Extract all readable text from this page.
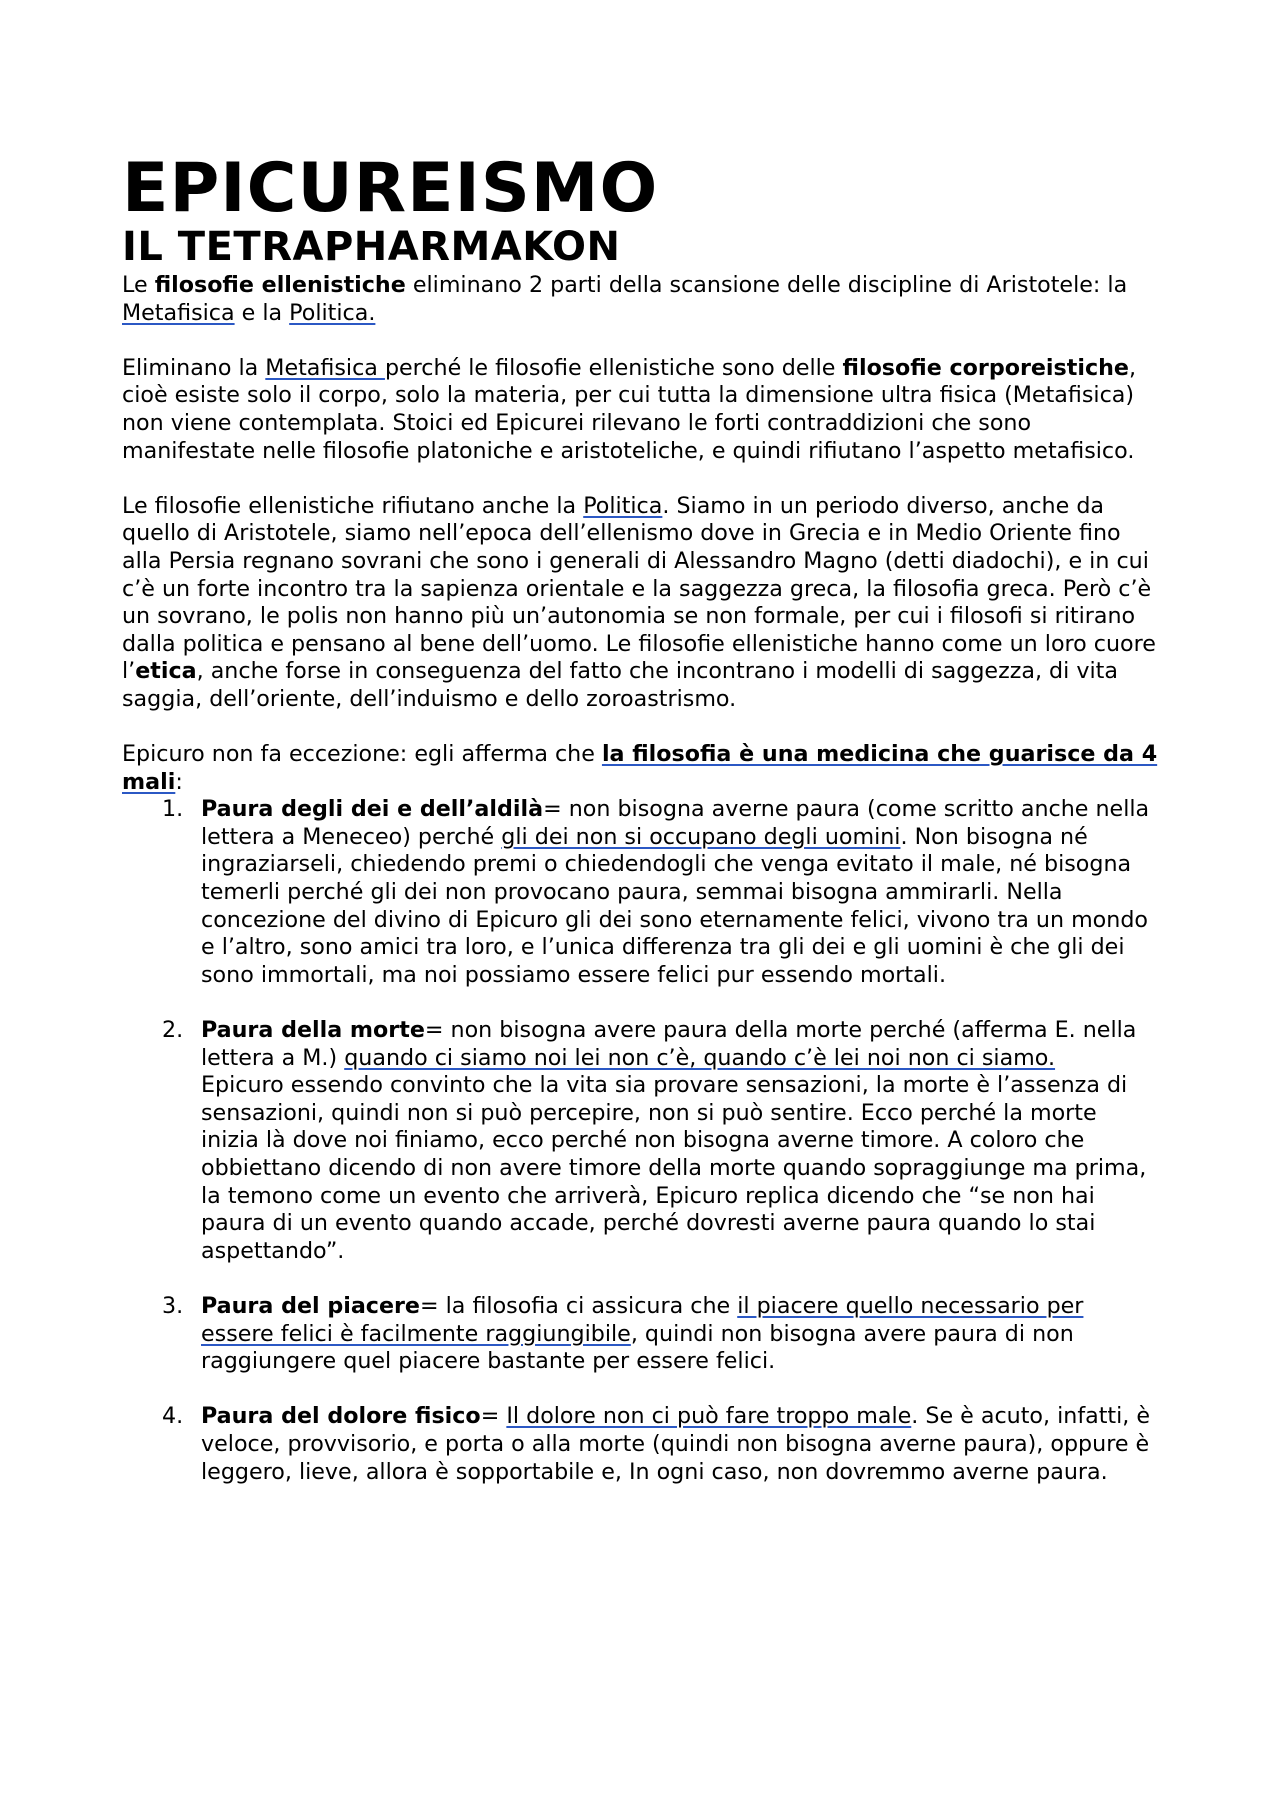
EPICUREISMO
IL TETRAPHARMAKON

Le filosofie ellenistiche eliminano 2 parti della scansione delle discipline di Aristotele: la Metafisica e la Politica.

Eliminano la Metafisica perché le filosofie ellenistiche sono delle filosofie corporeistiche, cioè esiste solo il corpo, solo la materia, per cui tutta la dimensione ultra fisica (Metafisica) non viene contemplata. Stoici ed Epicurei rilevano le forti contraddizioni che sono manifestate nelle filosofie platoniche e aristoteliche, e quindi rifiutano l’aspetto metafisico.

Le filosofie ellenistiche rifiutano anche la Politica. Siamo in un periodo diverso, anche da quello di Aristotele, siamo nell’epoca dell’ellenismo dove in Grecia e in Medio Oriente fino alla Persia regnano sovrani che sono i generali di Alessandro Magno (detti diadochi), e in cui c’è un forte incontro tra la sapienza orientale e la saggezza greca, la filosofia greca. Però c’è un sovrano, le polis non hanno più un’autonomia se non formale, per cui i filosofi si ritirano dalla politica e pensano al bene dell’uomo. Le filosofie ellenistiche hanno come un loro cuore l’etica, anche forse in conseguenza del fatto che incontrano i modelli di saggezza, di vita saggia, dell’oriente, dell’induismo e dello zoroastrismo.

Epicuro non fa eccezione: egli afferma che la filosofia è una medicina che guarisce da 4 mali:

1. Paura degli dei e dell’aldilà= non bisogna averne paura (come scritto anche nella lettera a Meneceo) perché gli dei non si occupano degli uomini. Non bisogna né ingraziarseli, chiedendo premi o chiedendogli che venga evitato il male, né bisogna temerli perché gli dei non provocano paura, semmai bisogna ammirarli. Nella concezione del divino di Epicuro gli dei sono eternamente felici, vivono tra un mondo e l’altro, sono amici tra loro, e l’unica differenza tra gli dei e gli uomini è che gli dei sono immortali, ma noi possiamo essere felici pur essendo mortali.
2. Paura della morte= non bisogna avere paura della morte perché (afferma E. nella lettera a M.) quando ci siamo noi lei non c’è, quando c’è lei noi non ci siamo.
Epicuro essendo convinto che la vita sia provare sensazioni, la morte è l’assenza di sensazioni, quindi non si può percepire, non si può sentire. Ecco perché la morte inizia là dove noi finiamo, ecco perché non bisogna averne timore. A coloro che obbiettano dicendo di non avere timore della morte quando sopraggiunge ma prima, la temono come un evento che arriverà, Epicuro replica dicendo che “se non hai paura di un evento quando accade, perché dovresti averne paura quando lo stai aspettando”.
3. Paura del piacere= la filosofia ci assicura che il piacere quello necessario per essere felici è facilmente raggiungibile, quindi non bisogna avere paura di non raggiungere quel piacere bastante per essere felici.
4. Paura del dolore fisico= Il dolore non ci può fare troppo male. Se è acuto, infatti, è veloce, provvisorio, e porta o alla morte (quindi non bisogna averne paura), oppure è leggero, lieve, allora è sopportabile e, In ogni caso, non dovremmo averne paura.
